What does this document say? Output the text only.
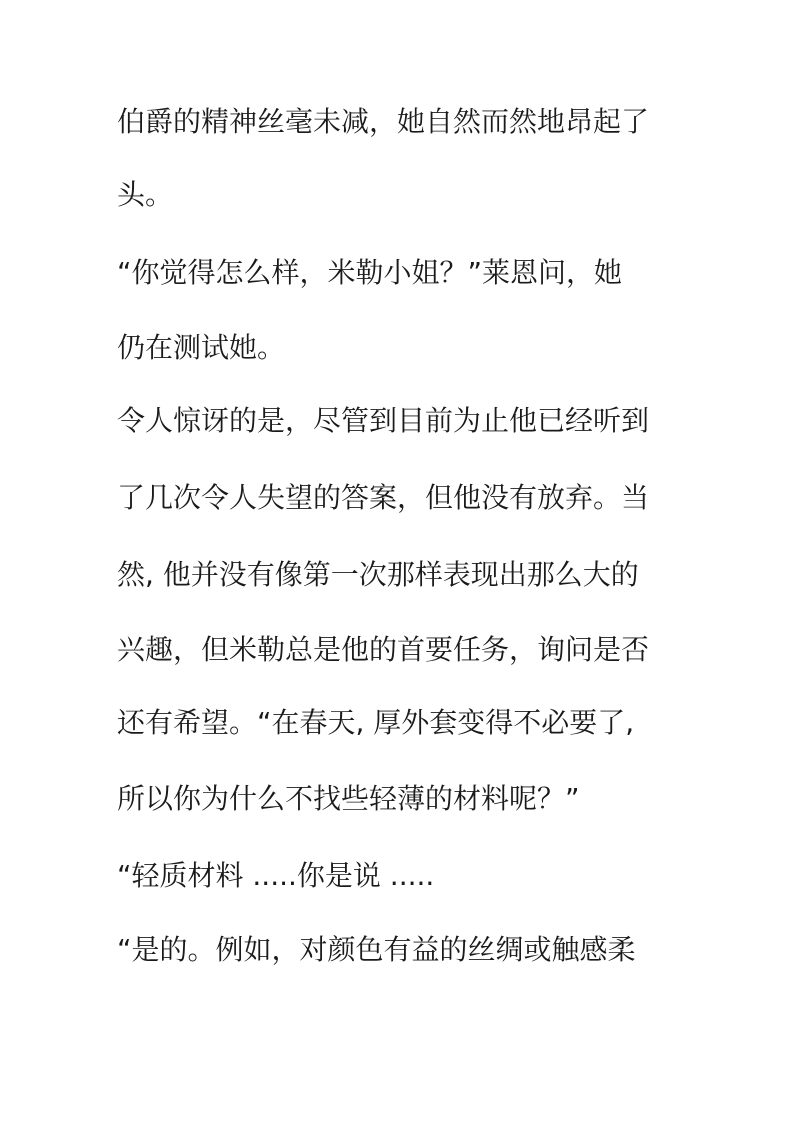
伯爵的精神丝毫未减，她自然而然地昂起了

头。

“你觉得怎么样，米勒小姐？”莱恩问，她

仍在测试她。

令人惊讶的是，尽管到目前为止他已经听到

了几次令人失望的答案，但他没有放弃。当

然, 他并没有像第一次那样表现出那么大的

兴趣，但米勒总是他的首要任务，询问是否

还有希望。“在春天, 厚外套变得不必要了,

所以你为什么不找些轻薄的材料呢？”

“轻质材料 .....你是说 .....

“是的。例如，对颜色有益的丝绸或触感柔
